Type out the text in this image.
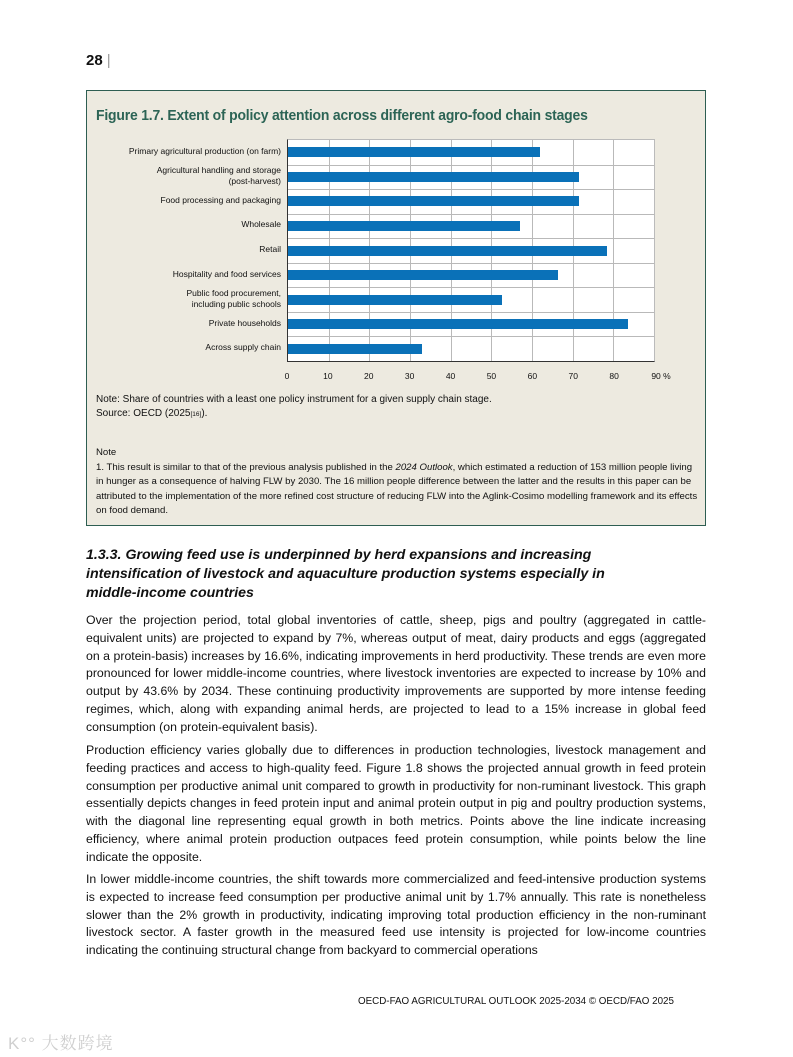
28 |
Figure 1.7. Extent of policy attention across different agro-food chain stages
Primary agricultural production (on farm)
Agricultural handling and storage
(post-harvest)
Food processing and packaging
Wholesale
Retail
Hospitality and food services
Public food procurement,
including public schools
Private households
Across supply chain
0	10	20	30	40	50	60	70	80	90 %
Note: Share of countries with a least one policy instrument for a given supply chain stage.
Source: OECD (2025[16]).
Note
1. This result is similar to that of the previous analysis published in the 2024 Outlook, which estimated a reduction of 153 million people living in hunger as a consequence of halving FLW by 2030. The 16 million people difference between the latter and the results in this paper can be attributed to the implementation of the more refined cost structure of reducing FLW into the Aglink-Cosimo modelling framework and its effects on food demand.
1.3.3. Growing feed use is underpinned by herd expansions and increasing intensification of livestock and aquaculture production systems especially in middle-income countries
Over the projection period, total global inventories of cattle, sheep, pigs and poultry (aggregated in cattle-equivalent units) are projected to expand by 7%, whereas output of meat, dairy products and eggs (aggregated on a protein-basis) increases by 16.6%, indicating improvements in herd productivity. These trends are even more pronounced for lower middle-income countries, where livestock inventories are expected to increase by 10% and output by 43.6% by 2034. These continuing productivity improvements are supported by more intense feeding regimes, which, along with expanding animal herds, are projected to lead to a 15% increase in global feed consumption (on protein-equivalent basis).
Production efficiency varies globally due to differences in production technologies, livestock management and feeding practices and access to high-quality feed. Figure 1.8 shows the projected annual growth in feed protein consumption per productive animal unit compared to growth in productivity for non-ruminant livestock. This graph essentially depicts changes in feed protein input and animal protein output in pig and poultry production systems, with the diagonal line representing equal growth in both metrics. Points above the line indicate increasing efficiency, where animal protein production outpaces feed protein consumption, while points below the line indicate the opposite.
In lower middle-income countries, the shift towards more commercialized and feed-intensive production systems is expected to increase feed consumption per productive animal unit by 1.7% annually. This rate is nonetheless slower than the 2% growth in productivity, indicating improving total production efficiency in the non-ruminant livestock sector. A faster growth in the measured feed use intensity is projected for low-income countries indicating the continuing structural change from backyard to commercial operations
OECD-FAO AGRICULTURAL OUTLOOK 2025-2034 © OECD/FAO 2025
K°° 大数跨境
